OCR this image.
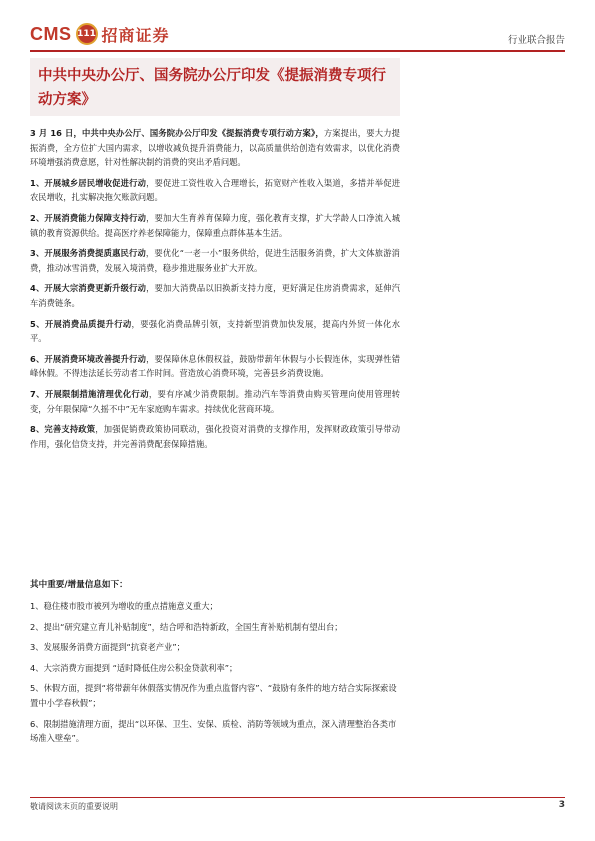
CMS 111 招商证券	行业联合报告
中共中央办公厅、国务院办公厅印发《提振消费专项行动方案》

3 月 16 日，中共中央办公厅、国务院办公厅印发《提振消费专项行动方案》，方案提出，要大力提振消费，全方位扩大国内需求，以增收减负提升消费能力，以高质量供给创造有效需求，以优化消费环境增强消费意愿，针对性解决制约消费的突出矛盾问题。

1、开展城乡居民增收促进行动，要促进工资性收入合理增长，拓宽财产性收入渠道，多措并举促进农民增收，扎实解决拖欠账款问题。

2、开展消费能力保障支持行动，要加大生育养育保障力度，强化教育支撑，扩大学龄人口净流入城镇的教育资源供给。提高医疗养老保障能力，保障重点群体基本生活。

3、开展服务消费提质惠民行动，要优化“一老一小”服务供给，促进生活服务消费，扩大文体旅游消费，推动冰雪消费，发展入境消费，稳步推进服务业扩大开放。

4、开展大宗消费更新升级行动，要加大消费品以旧换新支持力度，更好满足住房消费需求，延伸汽车消费链条。

5、开展消费品质提升行动，要强化消费品牌引领，支持新型消费加快发展，提高内外贸一体化水平。

6、开展消费环境改善提升行动，要保障休息休假权益，鼓励带薪年休假与小长假连休，实现弹性错峰休假。不得违法延长劳动者工作时间。营造放心消费环境，完善县乡消费设施。

7、开展限制措施清理优化行动，要有序减少消费限制。推动汽车等消费由购买管理向使用管理转变，分年限保障“久摇不中”无车家庭购车需求。持续优化营商环境。

8、完善支持政策，加强促销费政策协同联动，强化投资对消费的支撑作用，发挥财政政策引导带动作用，强化信贷支持，并完善消费配套保障措施。

其中重要/增量信息如下：
1、稳住楼市股市被列为增收的重点措施意义重大；
2、提出“研究建立育儿补贴制度”，结合呼和浩特新政，全国生育补贴机制有望出台；
3、发展服务消费方面提到“抗衰老产业”；
4、大宗消费方面提到 “适时降低住房公积金贷款利率”；
5、休假方面，提到“将带薪年休假落实情况作为重点监督内容”、“鼓励有条件的地方结合实际探索设置中小学春秋假”；
6、限制措施清理方面，提出“以环保、卫生、安保、质检、消防等领域为重点，深入清理整治各类市场准入壁垒”。
敬请阅读末页的重要说明	3
